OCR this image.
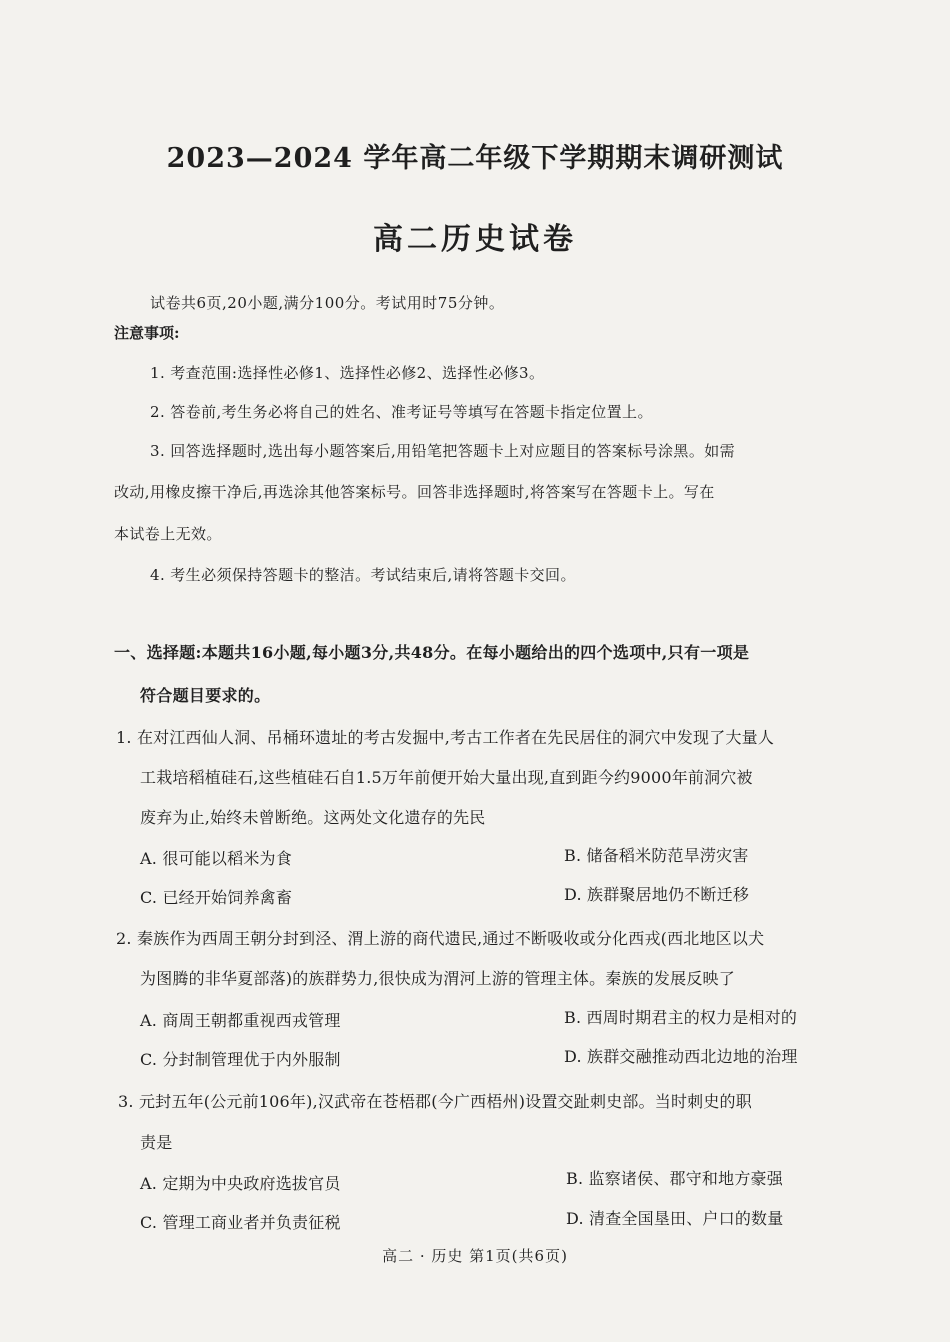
2023—2024 学年高二年级下学期期末调研测试
高二历史试卷
试卷共6页,20小题,满分100分。考试用时75分钟。
注意事项:
1. 考查范围:选择性必修1、选择性必修2、选择性必修3。
2. 答卷前,考生务必将自己的姓名、准考证号等填写在答题卡指定位置上。
3. 回答选择题时,选出每小题答案后,用铅笔把答题卡上对应题目的答案标号涂黑。如需
改动,用橡皮擦干净后,再选涂其他答案标号。回答非选择题时,将答案写在答题卡上。写在
本试卷上无效。
4. 考生必须保持答题卡的整洁。考试结束后,请将答题卡交回。
一、选择题:本题共16小题,每小题3分,共48分。在每小题给出的四个选项中,只有一项是
符合题目要求的。
1. 在对江西仙人洞、吊桶环遗址的考古发掘中,考古工作者在先民居住的洞穴中发现了大量人
工栽培稻植硅石,这些植硅石自1.5万年前便开始大量出现,直到距今约9000年前洞穴被
废弃为止,始终未曾断绝。这两处文化遗存的先民
A. 很可能以稻米为食	B. 储备稻米防范旱涝灾害
C. 已经开始饲养禽畜	D. 族群聚居地仍不断迁移
2. 秦族作为西周王朝分封到泾、渭上游的商代遗民,通过不断吸收或分化西戎(西北地区以犬
为图腾的非华夏部落)的族群势力,很快成为渭河上游的管理主体。秦族的发展反映了
A. 商周王朝都重视西戎管理	B. 西周时期君主的权力是相对的
C. 分封制管理优于内外服制	D. 族群交融推动西北边地的治理
3. 元封五年(公元前106年),汉武帝在苍梧郡(今广西梧州)设置交趾刺史部。当时刺史的职
责是
A. 定期为中央政府选拔官员	B. 监察诸侯、郡守和地方豪强
C. 管理工商业者并负责征税	D. 清查全国垦田、户口的数量
高二 · 历史 第1页(共6页)
